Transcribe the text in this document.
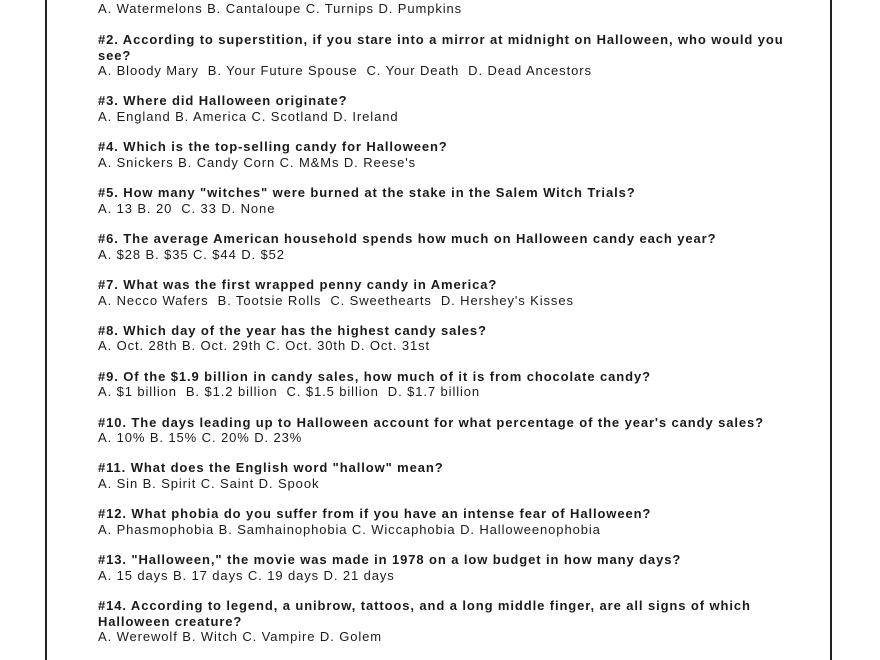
A. Watermelons B. Cantaloupe C. Turnips D. Pumpkins
#2. According to superstition, if you stare into a mirror at midnight on Halloween, who would you see?
A. Bloody Mary  B. Your Future Spouse  C. Your Death  D. Dead Ancestors
#3. Where did Halloween originate?
A. England B. America C. Scotland D. Ireland
#4. Which is the top-selling candy for Halloween?
A. Snickers B. Candy Corn C. M&Ms D. Reese's
#5. How many "witches" were burned at the stake in the Salem Witch Trials?
A. 13 B. 20  C. 33 D. None
#6. The average American household spends how much on Halloween candy each year?
A. $28 B. $35 C. $44 D. $52
#7. What was the first wrapped penny candy in America?
A. Necco Wafers  B. Tootsie Rolls  C. Sweethearts  D. Hershey's Kisses
#8. Which day of the year has the highest candy sales?
A. Oct. 28th B. Oct. 29th C. Oct. 30th D. Oct. 31st
#9. Of the $1.9 billion in candy sales, how much of it is from chocolate candy?
A. $1 billion  B. $1.2 billion  C. $1.5 billion  D. $1.7 billion
#10. The days leading up to Halloween account for what percentage of the year's candy sales?
A. 10% B. 15% C. 20% D. 23%
#11. What does the English word "hallow" mean?
A. Sin B. Spirit C. Saint D. Spook
#12. What phobia do you suffer from if you have an intense fear of Halloween?
A. Phasmophobia B. Samhainophobia C. Wiccaphobia D. Halloweenophobia
#13. "Halloween," the movie was made in 1978 on a low budget in how many days?
A. 15 days B. 17 days C. 19 days D. 21 days
#14. According to legend, a unibrow, tattoos, and a long middle finger, are all signs of which Halloween creature?
A. Werewolf B. Witch C. Vampire D. Golem
